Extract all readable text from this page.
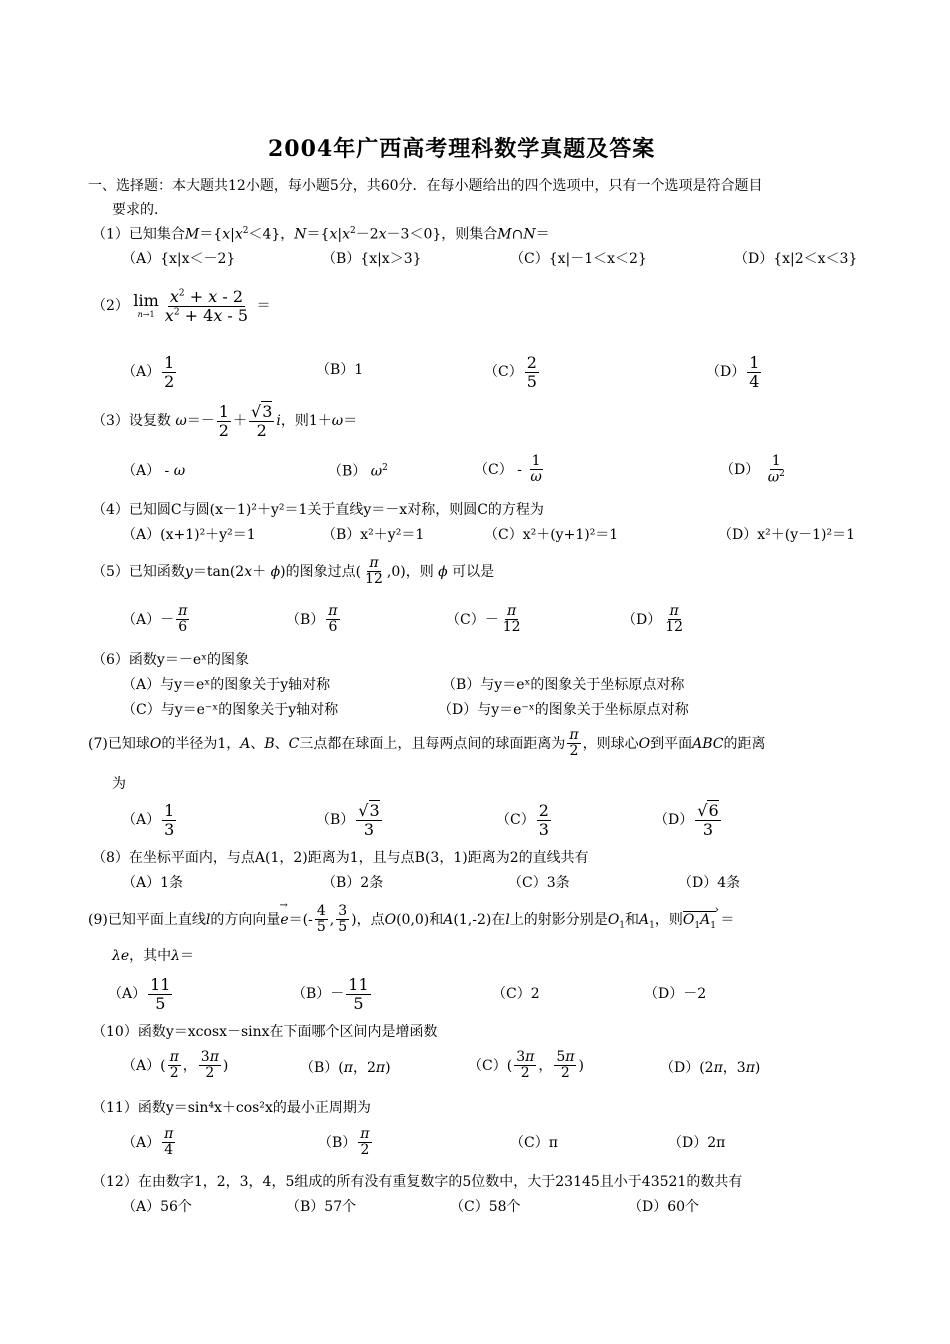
2004年广西高考理科数学真题及答案
一、选择题：本大题共12小题，每小题5分，共60分．在每小题给出的四个选项中，只有一个选项是符合题目
要求的．
（1）已知集合$M=\{x|x^2<4\}$，$N=\{x|x^2-2x-3<0\}$，则集合M∩N＝
（A）{x|x＜－2}	（B）{x|x＞3}	（C）{x|－1＜x＜2}	（D）{x|2＜x＜3}
（2） lim
$n\to 1 \frac{x^2 + x - 2}{x^2 + 4x - 5}$ ＝
$(A) \frac{1}{2}$	（B）1	$(C) \frac{2}{5}$	$(D) \frac{1}{4}$
（3）设复数 $\omega=- \frac{1}{2} + \frac{√3}{2}$ i，则1＋ω＝
（A） - ω	（B） $\omega^2$	$(C) - \frac{1}{\omega}$	$(D) \frac{1}{\omega^2}$
（4）已知圆C与圆(x－1)²＋y²＝1关于直线y＝－x对称，则圆C的方程为
（A）(x+1)²＋y²＝1	（B）x²＋y²＝1	（C）x²＋(y+1)²＝1	（D）x²＋(y－1)²＝1
（5）已知函数y＝tan(2x＋ ϕ)的图象过点( $\frac{\pi}{12} ,0$)，则 ϕ 可以是
$(A)- \frac{\pi}{6}$	$(B) \frac{\pi}{6}$	$(C)- \frac{\pi}{12}$	$(D) \frac{\pi}{12}$
（6）函数y＝－eˣ的图象
（A）与y＝eˣ的图象关于y轴对称	（B）与y＝eˣ的图象关于坐标原点对称
（C）与y＝e⁻ˣ的图象关于y轴对称	（D）与y＝e⁻ˣ的图象关于坐标原点对称
(7)已知球O的半径为1，A、B、C三点都在球面上，且每两点间的球面距离为 $\frac{\pi}{2}$ ，则球心O到平面ABC的距离
为
$(A) \frac{1}{3}$	$(B) \frac{√3}{3}$	$(C) \frac{2}{3}$	$(D) \frac{√6}{3}$
（8）在坐标平面内，与点A(1，2)距离为1，且与点B(3，1)距离为2的直线共有
（A）1条	（B）2条	（C）3条	（D）4条
(9)已知平面上直线l的方向向量→ $e=(- \frac{4}{5}$ , $\frac{3}{5}$ )，点O(0,0)和A(1,-2)在l上的射影分别是$O_1$和$A_1$，则$O_1A_1$ › ＝
λe，其中λ＝
$(A) \frac{11}{5}$	$(B)- \frac{11}{5}$	（C）2	（D）－2
（10）函数y＝xcosx－sinx在下面哪个区间内是增函数
$(A)( \frac{\pi}{2}$ ， $\frac{3\pi}{2}$ )	（B）(π，2π)	$(C)( \frac{3\pi}{2}$ ， $\frac{5\pi}{2}$ )	（D）(2π，3π)
（11）函数y＝sin⁴x＋cos²x的最小正周期为
$(A) \frac{\pi}{4}$	$(B) \frac{\pi}{2}$	（C）π	（D）2π
（12）在由数字1，2，3，4，5组成的所有没有重复数字的5位数中，大于23145且小于43521的数共有
（A）56个	（B）57个	（C）58个	（D）60个
